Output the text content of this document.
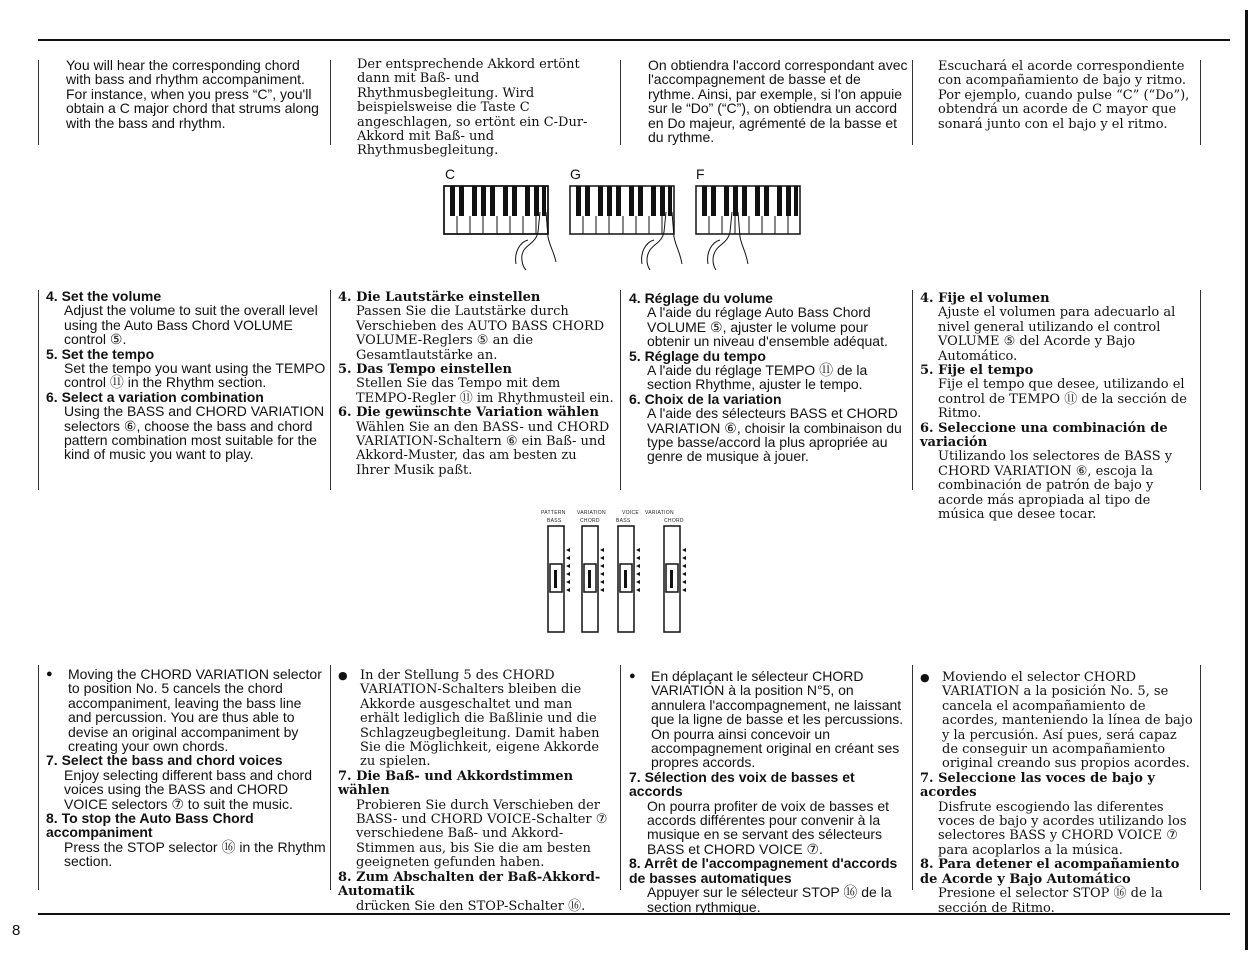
8
You will hear the corresponding chord with bass and rhythm accompaniment. For instance, when you press “C”, you'll obtain a C major chord that strums along with the bass and rhythm.
Der entsprechende Akkord ertönt dann mit Baß- und Rhythmusbegleitung. Wird beispielsweise die Taste C angeschlagen, so ertönt ein C-Dur-Akkord mit Baß- und Rhythmusbegleitung.
On obtiendra l'accord correspondant avec l'accompagnement de basse et de rythme. Ainsi, par exemple, si l'on appuie sur le “Do” (“C”), on obtiendra un accord en Do majeur, agrémenté de la basse et du rythme.
Escuchará el acorde correspondiente con acompañamiento de bajo y ritmo. Por ejemplo, cuando pulse “C” (“Do”), obtendrá un acorde de C mayor que sonará junto con el bajo y el ritmo.
C	G	F
4. Set the volume
Adjust the volume to suit the overall level using the Auto Bass Chord VOLUME control ⑤.
5. Set the tempo
Set the tempo you want using the TEMPO control ⑪ in the Rhythm section.
6. Select a variation combination
Using the BASS and CHORD VARIATION selectors ⑥, choose the bass and chord pattern combination most suitable for the kind of music you want to play.
4. Die Lautstärke einstellen
Passen Sie die Lautstärke durch Verschieben des AUTO BASS CHORD VOLUME-Reglers ⑤ an die Gesamtlautstärke an.
5. Das Tempo einstellen
Stellen Sie das Tempo mit dem TEMPO-Regler ⑪ im Rhythmusteil ein.
6. Die gewünschte Variation wählen
Wählen Sie an den BASS- und CHORD VARIATION-Schaltern ⑥ ein Baß- und Akkord-Muster, das am besten zu Ihrer Musik paßt.
4. Réglage du volume
A l'aide du réglage Auto Bass Chord VOLUME ⑤, ajuster le volume pour obtenir un niveau d'ensemble adéquat.
5. Réglage du tempo
A l'aide du réglage TEMPO ⑪ de la section Rhythme, ajuster le tempo.
6. Choix de la variation
A l'aide des sélecteurs BASS et CHORD VARIATION ⑥, choisir la combinaison du type basse/accord la plus apropriée au genre de musique à jouer.
4. Fije el volumen
Ajuste el volumen para adecuarlo al nivel general utilizando el control VOLUME ⑤ del Acorde y Bajo Automático.
5. Fije el tempo
Fije el tempo que desee, utilizando el control de TEMPO ⑪ de la sección de Ritmo.
6. Seleccione una combinación de variación
Utilizando los selectores de BASS y CHORD VARIATION ⑥, escoja la combinación de patrón de bajo y acorde más apropiada al tipo de música que desee tocar.
PATTERN VARIATION	VOICE VARIATION
BASS	CHORD	BASS	CHORD
● Moving the CHORD VARIATION selector to position No. 5 cancels the chord accompaniment, leaving the bass line and percussion. You are thus able to devise an original accompaniment by creating your own chords.
7. Select the bass and chord voices
Enjoy selecting different bass and chord voices using the BASS and CHORD VOICE selectors ⑦ to suit the music.
8. To stop the Auto Bass Chord accompaniment
Press the STOP selector ⑯ in the Rhythm section.
● In der Stellung 5 des CHORD VARIATION-Schalters bleiben die Akkorde ausgeschaltet und man erhält lediglich die Baßlinie und die Schlagzeugbegleitung. Damit haben Sie die Möglichkeit, eigene Akkorde zu spielen.
7. Die Baß- und Akkordstimmen wählen
Probieren Sie durch Verschieben der BASS- und CHORD VOICE-Schalter ⑦ verschiedene Baß- und Akkord-Stimmen aus, bis Sie die am besten geeigneten gefunden haben.
8. Zum Abschalten der Baß-Akkord-Automatik
drücken Sie den STOP-Schalter ⑯.
● En déplaçant le sélecteur CHORD VARIATION à la position N°5, on annulera l'accompagnement, ne laissant que la ligne de basse et les percussions. On pourra ainsi concevoir un accompagnement original en créant ses propres accords.
7. Sélection des voix de basses et accords
On pourra profiter de voix de basses et accords différentes pour convenir à la musique en se servant des sélecteurs BASS et CHORD VOICE ⑦.
8. Arrêt de l'accompagnement d'accords de basses automatiques
Appuyer sur le sélecteur STOP ⑯ de la section rythmique.
● Moviendo el selector CHORD VARIATION a la posición No. 5, se cancela el acompañamiento de acordes, manteniendo la línea de bajo y la percusión. Así pues, será capaz de conseguir un acompañamiento original creando sus propios acordes.
7. Seleccione las voces de bajo y acordes
Disfrute escogiendo las diferentes voces de bajo y acordes utilizando los selectores BASS y CHORD VOICE ⑦ para acoplarlos a la música.
8. Para detener el acompañamiento de Acorde y Bajo Automático
Presione el selector STOP ⑯ de la sección de Ritmo.
